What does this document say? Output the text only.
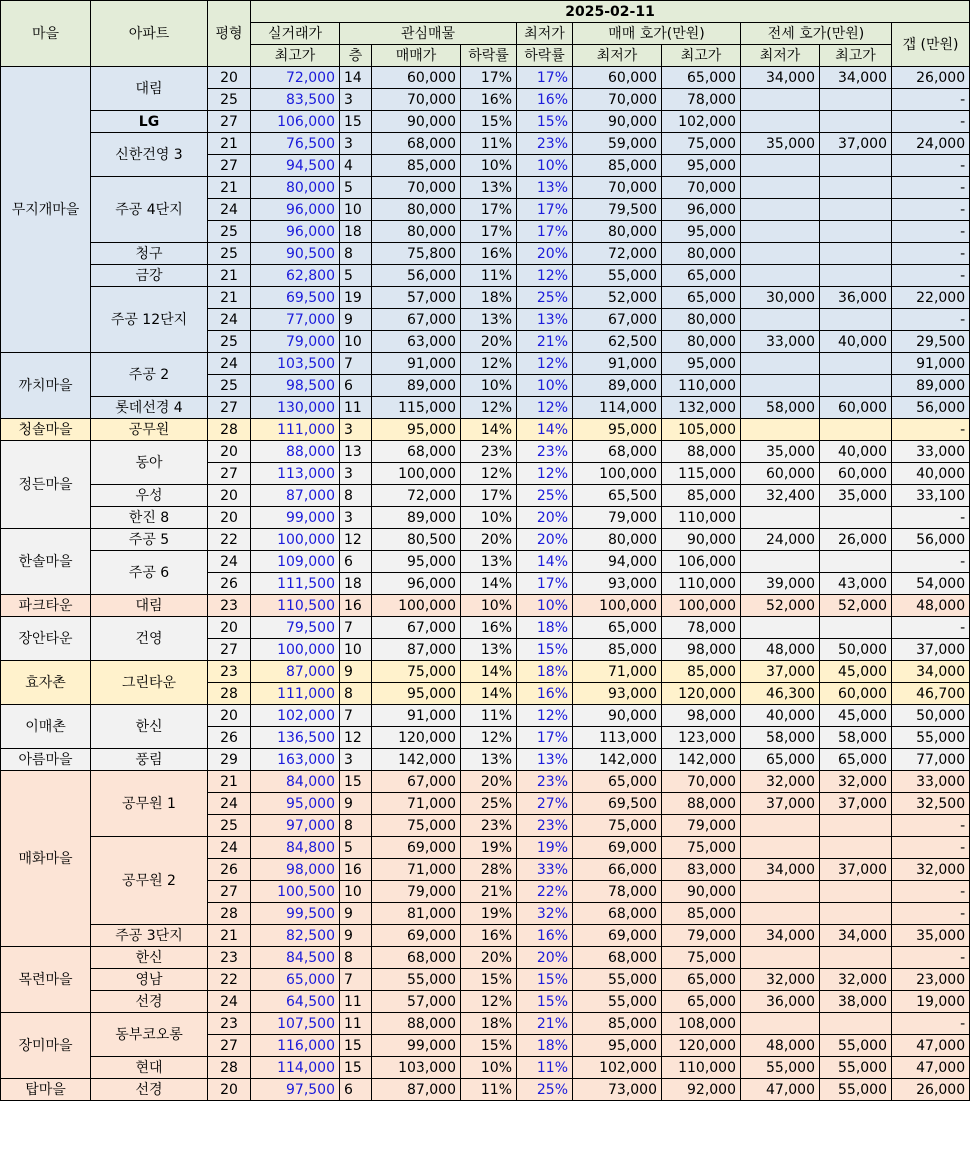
마을	아파트	평형	2025-02-11									
			실거래가	관심매물			최저가	매매 호가(만원)		전세 호가(만원)		갭 (만원)
			최고가	층	매매가	하락률	하락률	최저가	최고가	최저가	최고가	
무지개마을	대림	20	72,000	14	60,000	17%	17%	60,000	65,000	34,000	34,000	26,000
		25	83,500	3	70,000	16%	16%	70,000	78,000			-
	LG	27	106,000	15	90,000	15%	15%	90,000	102,000			-
	신한건영 3	21	76,500	3	68,000	11%	23%	59,000	75,000	35,000	37,000	24,000
		27	94,500	4	85,000	10%	10%	85,000	95,000			-
	주공 4단지	21	80,000	5	70,000	13%	13%	70,000	70,000			-
		24	96,000	10	80,000	17%	17%	79,500	96,000			-
		25	96,000	18	80,000	17%	17%	80,000	95,000			-
	청구	25	90,500	8	75,800	16%	20%	72,000	80,000			-
	금강	21	62,800	5	56,000	11%	12%	55,000	65,000			-
	주공 12단지	21	69,500	19	57,000	18%	25%	52,000	65,000	30,000	36,000	22,000
		24	77,000	9	67,000	13%	13%	67,000	80,000			-
		25	79,000	10	63,000	20%	21%	62,500	80,000	33,000	40,000	29,500
까치마을	주공 2	24	103,500	7	91,000	12%	12%	91,000	95,000			91,000
		25	98,500	6	89,000	10%	10%	89,000	110,000			89,000
	롯데선경 4	27	130,000	11	115,000	12%	12%	114,000	132,000	58,000	60,000	56,000
청솔마을	공무원	28	111,000	3	95,000	14%	14%	95,000	105,000			-
정든마을	동아	20	88,000	13	68,000	23%	23%	68,000	88,000	35,000	40,000	33,000
		27	113,000	3	100,000	12%	12%	100,000	115,000	60,000	60,000	40,000
	우성	20	87,000	8	72,000	17%	25%	65,500	85,000	32,400	35,000	33,100
	한진 8	20	99,000	3	89,000	10%	20%	79,000	110,000			-
한솔마을	주공 5	22	100,000	12	80,500	20%	20%	80,000	90,000	24,000	26,000	56,000
	주공 6	24	109,000	6	95,000	13%	14%	94,000	106,000			-
		26	111,500	18	96,000	14%	17%	93,000	110,000	39,000	43,000	54,000
파크타운	대림	23	110,500	16	100,000	10%	10%	100,000	100,000	52,000	52,000	48,000
장안타운	건영	20	79,500	7	67,000	16%	18%	65,000	78,000			-
		27	100,000	10	87,000	13%	15%	85,000	98,000	48,000	50,000	37,000
효자촌	그린타운	23	87,000	9	75,000	14%	18%	71,000	85,000	37,000	45,000	34,000
		28	111,000	8	95,000	14%	16%	93,000	120,000	46,300	60,000	46,700
이매촌	한신	20	102,000	7	91,000	11%	12%	90,000	98,000	40,000	45,000	50,000
		26	136,500	12	120,000	12%	17%	113,000	123,000	58,000	58,000	55,000
아름마을	풍림	29	163,000	3	142,000	13%	13%	142,000	142,000	65,000	65,000	77,000
매화마을	공무원 1	21	84,000	15	67,000	20%	23%	65,000	70,000	32,000	32,000	33,000
		24	95,000	9	71,000	25%	27%	69,500	88,000	37,000	37,000	32,500
		25	97,000	8	75,000	23%	23%	75,000	79,000			-
	공무원 2	24	84,800	5	69,000	19%	19%	69,000	75,000			-
		26	98,000	16	71,000	28%	33%	66,000	83,000	34,000	37,000	32,000
		27	100,500	10	79,000	21%	22%	78,000	90,000			-
		28	99,500	9	81,000	19%	32%	68,000	85,000			-
	주공 3단지	21	82,500	9	69,000	16%	16%	69,000	79,000	34,000	34,000	35,000
목련마을	한신	23	84,500	8	68,000	20%	20%	68,000	75,000			-
	영남	22	65,000	7	55,000	15%	15%	55,000	65,000	32,000	32,000	23,000
	선경	24	64,500	11	57,000	12%	15%	55,000	65,000	36,000	38,000	19,000
장미마을	동부코오롱	23	107,500	11	88,000	18%	21%	85,000	108,000			-
		27	116,000	15	99,000	15%	18%	95,000	120,000	48,000	55,000	47,000
	현대	28	114,000	15	103,000	10%	11%	102,000	110,000	55,000	55,000	47,000
탑마을	선경	20	97,500	6	87,000	11%	25%	73,000	92,000	47,000	55,000	26,000
